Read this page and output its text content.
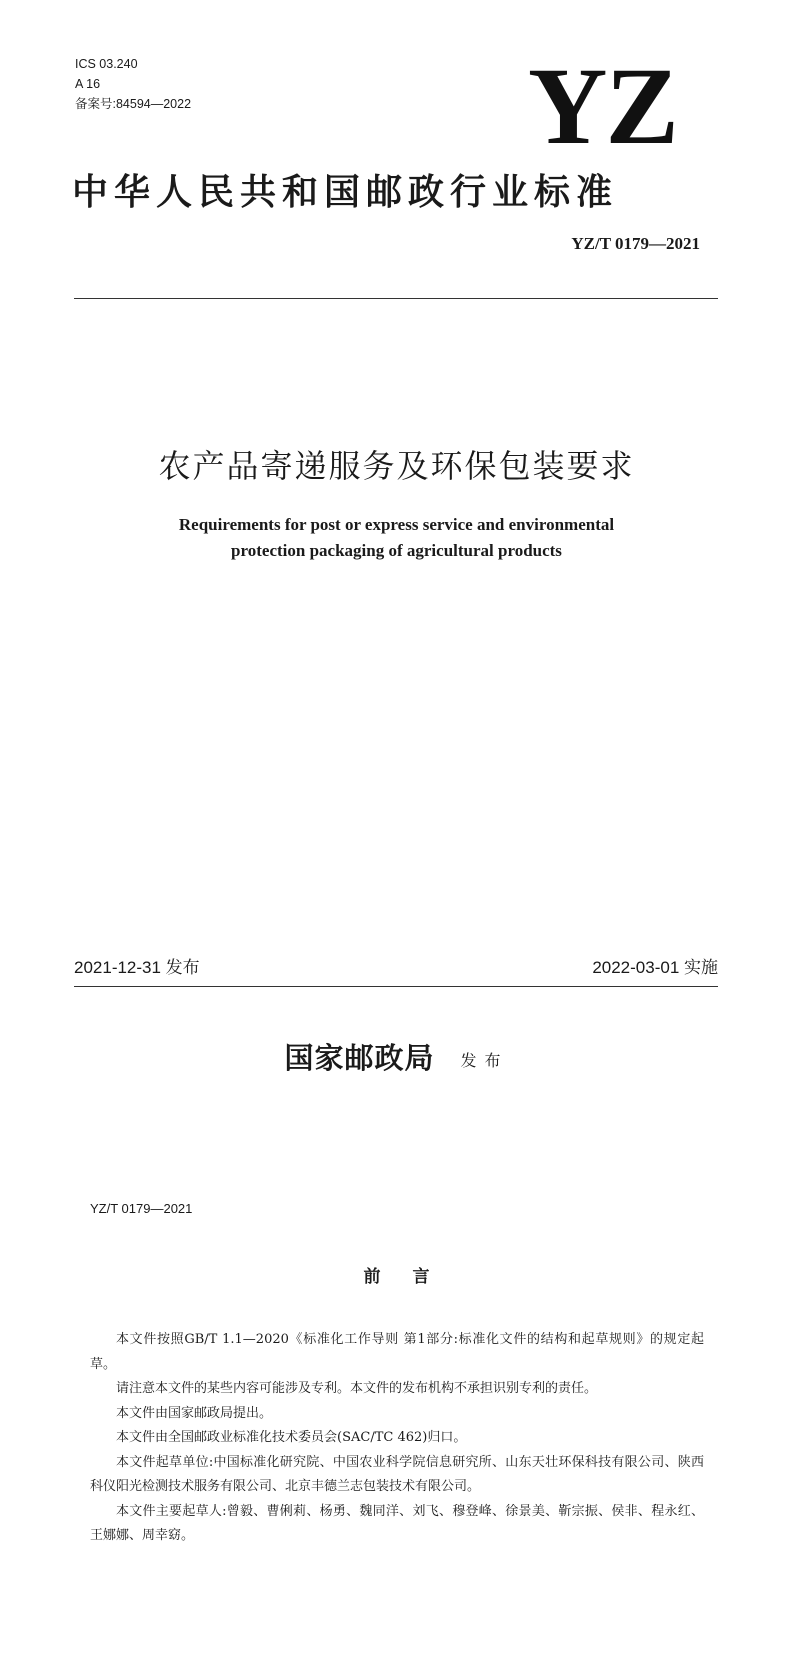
ICS 03.240
A 16
备案号:84594—2022	YZ
中华人民共和国邮政行业标准
YZ/T 0179—2021
农产品寄递服务及环保包装要求
Requirements for post or express service and environmental
protection packaging of agricultural products
2021-12-31 发布	2022-03-01 实施
国家邮政局 发布
YZ/T 0179—2021
前言

本文件按照GB/T 1.1—2020《标准化工作导则 第1部分:标准化文件的结构和起草规则》的规定起草。

请注意本文件的某些内容可能涉及专利。本文件的发布机构不承担识别专利的责任。

本文件由国家邮政局提出。

本文件由全国邮政业标准化技术委员会(SAC/TC 462)归口。

本文件起草单位:中国标准化研究院、中国农业科学院信息研究所、山东天壮环保科技有限公司、陕西科仪阳光检测技术服务有限公司、北京丰德兰志包装技术有限公司。

本文件主要起草人:曾毅、曹俐莉、杨勇、魏同洋、刘飞、穆登峰、徐景美、靳宗振、侯非、程永红、王娜娜、周幸窈。
